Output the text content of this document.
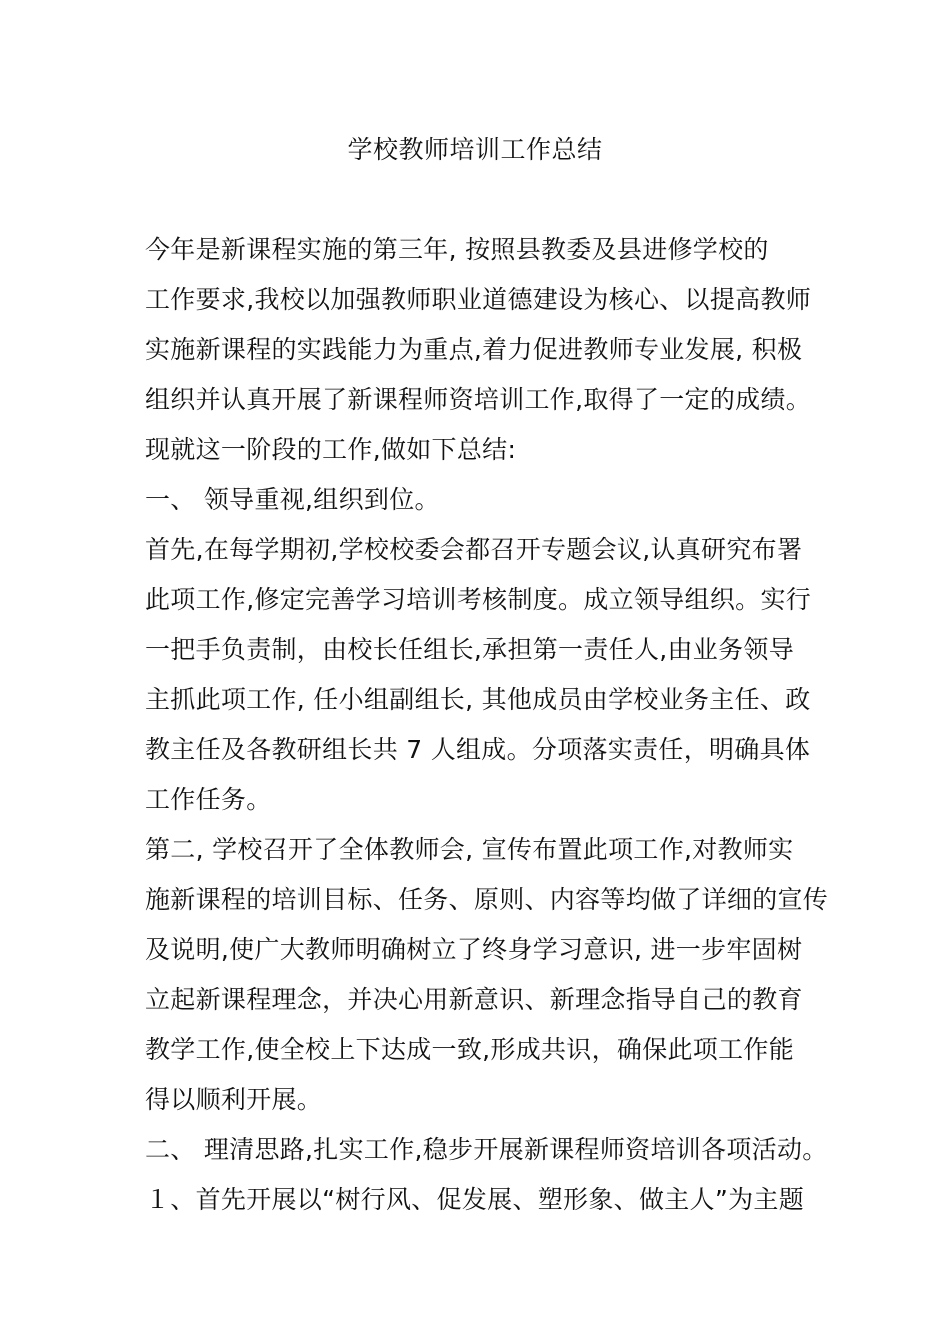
学校教师培训工作总结
今年是新课程实施的第三年, 按照县教委及县进修学校的
工作要求,我校以加强教师职业道德建设为核心、以提高教师
实施新课程的实践能力为重点,着力促进教师专业发展, 积极
组织并认真开展了新课程师资培训工作,取得了一定的成绩。
现就这一阶段的工作,做如下总结:
一、 领导重视,组织到位。
首先,在每学期初,学校校委会都召开专题会议,认真研究布署
此项工作,修定完善学习培训考核制度。成立领导组织。实行
一把手负责制，由校长任组长,承担第一责任人,由业务领导
主抓此项工作, 任小组副组长, 其他成员由学校业务主任、政
教主任及各教研组长共 7 人组成。分项落实责任，明确具体
工作任务。
第二, 学校召开了全体教师会, 宣传布置此项工作,对教师实
施新课程的培训目标、任务、原则、内容等均做了详细的宣传
及说明,使广大教师明确树立了终身学习意识, 进一步牢固树
立起新课程理念，并决心用新意识、新理念指导自己的教育
教学工作,使全校上下达成一致,形成共识，确保此项工作能
得以顺利开展。
二、 理清思路,扎实工作,稳步开展新课程师资培训各项活动。
１、首先开展以“树行风、促发展、塑形象、做主人”为主题
